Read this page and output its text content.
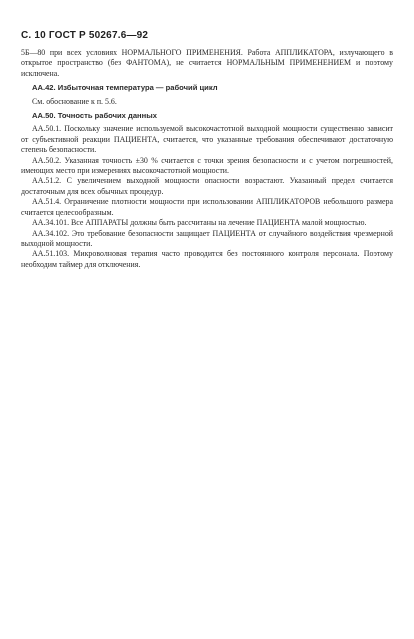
С. 10 ГОСТ Р 50267.6—92

5Б—80 при всех условиях НОРМАЛЬНОГО ПРИМЕНЕНИЯ. Работа АППЛИКАТОРА, излучающего в открытое пространство (без ФАНТОМА), не считается НОРМАЛЬНЫМ ПРИМЕНЕНИЕМ и поэтому исключена.

АА.42. Избыточная температура — рабочий цикл

См. обоснование к п. 5.6.

АА.50. Точность рабочих данных

АА.50.1. Поскольку значение используемой высокочастотной выходной мощности существенно зависит от субъективной реакции ПАЦИЕНТА, считается, что указанные требования обеспечивают достаточную степень безопасности.

АА.50.2. Указанная точность ±30 % считается с точки зрения безопасности и с учетом погрешностей, имеющих место при измерениях высокочастотной мощности.

АА.51.2. С увеличением выходной мощности опасности возрастают. Указанный предел считается достаточным для всех обычных процедур.

АА.51.4. Ограничение плотности мощности при использовании АППЛИКАТОРОВ небольшого размера считается целесообразным.

АА.34.101. Все АППАРАТЫ должны быть рассчитаны на лечение ПАЦИЕНТА малой мощностью.

АА.34.102. Это требование безопасности защищает ПАЦИЕНТА от случайного воздействия чрезмерной выходной мощности.

АА.51.103. Микроволновая терапия часто проводится без постоянного контроля персонала. Поэтому необходим таймер для отключения.
